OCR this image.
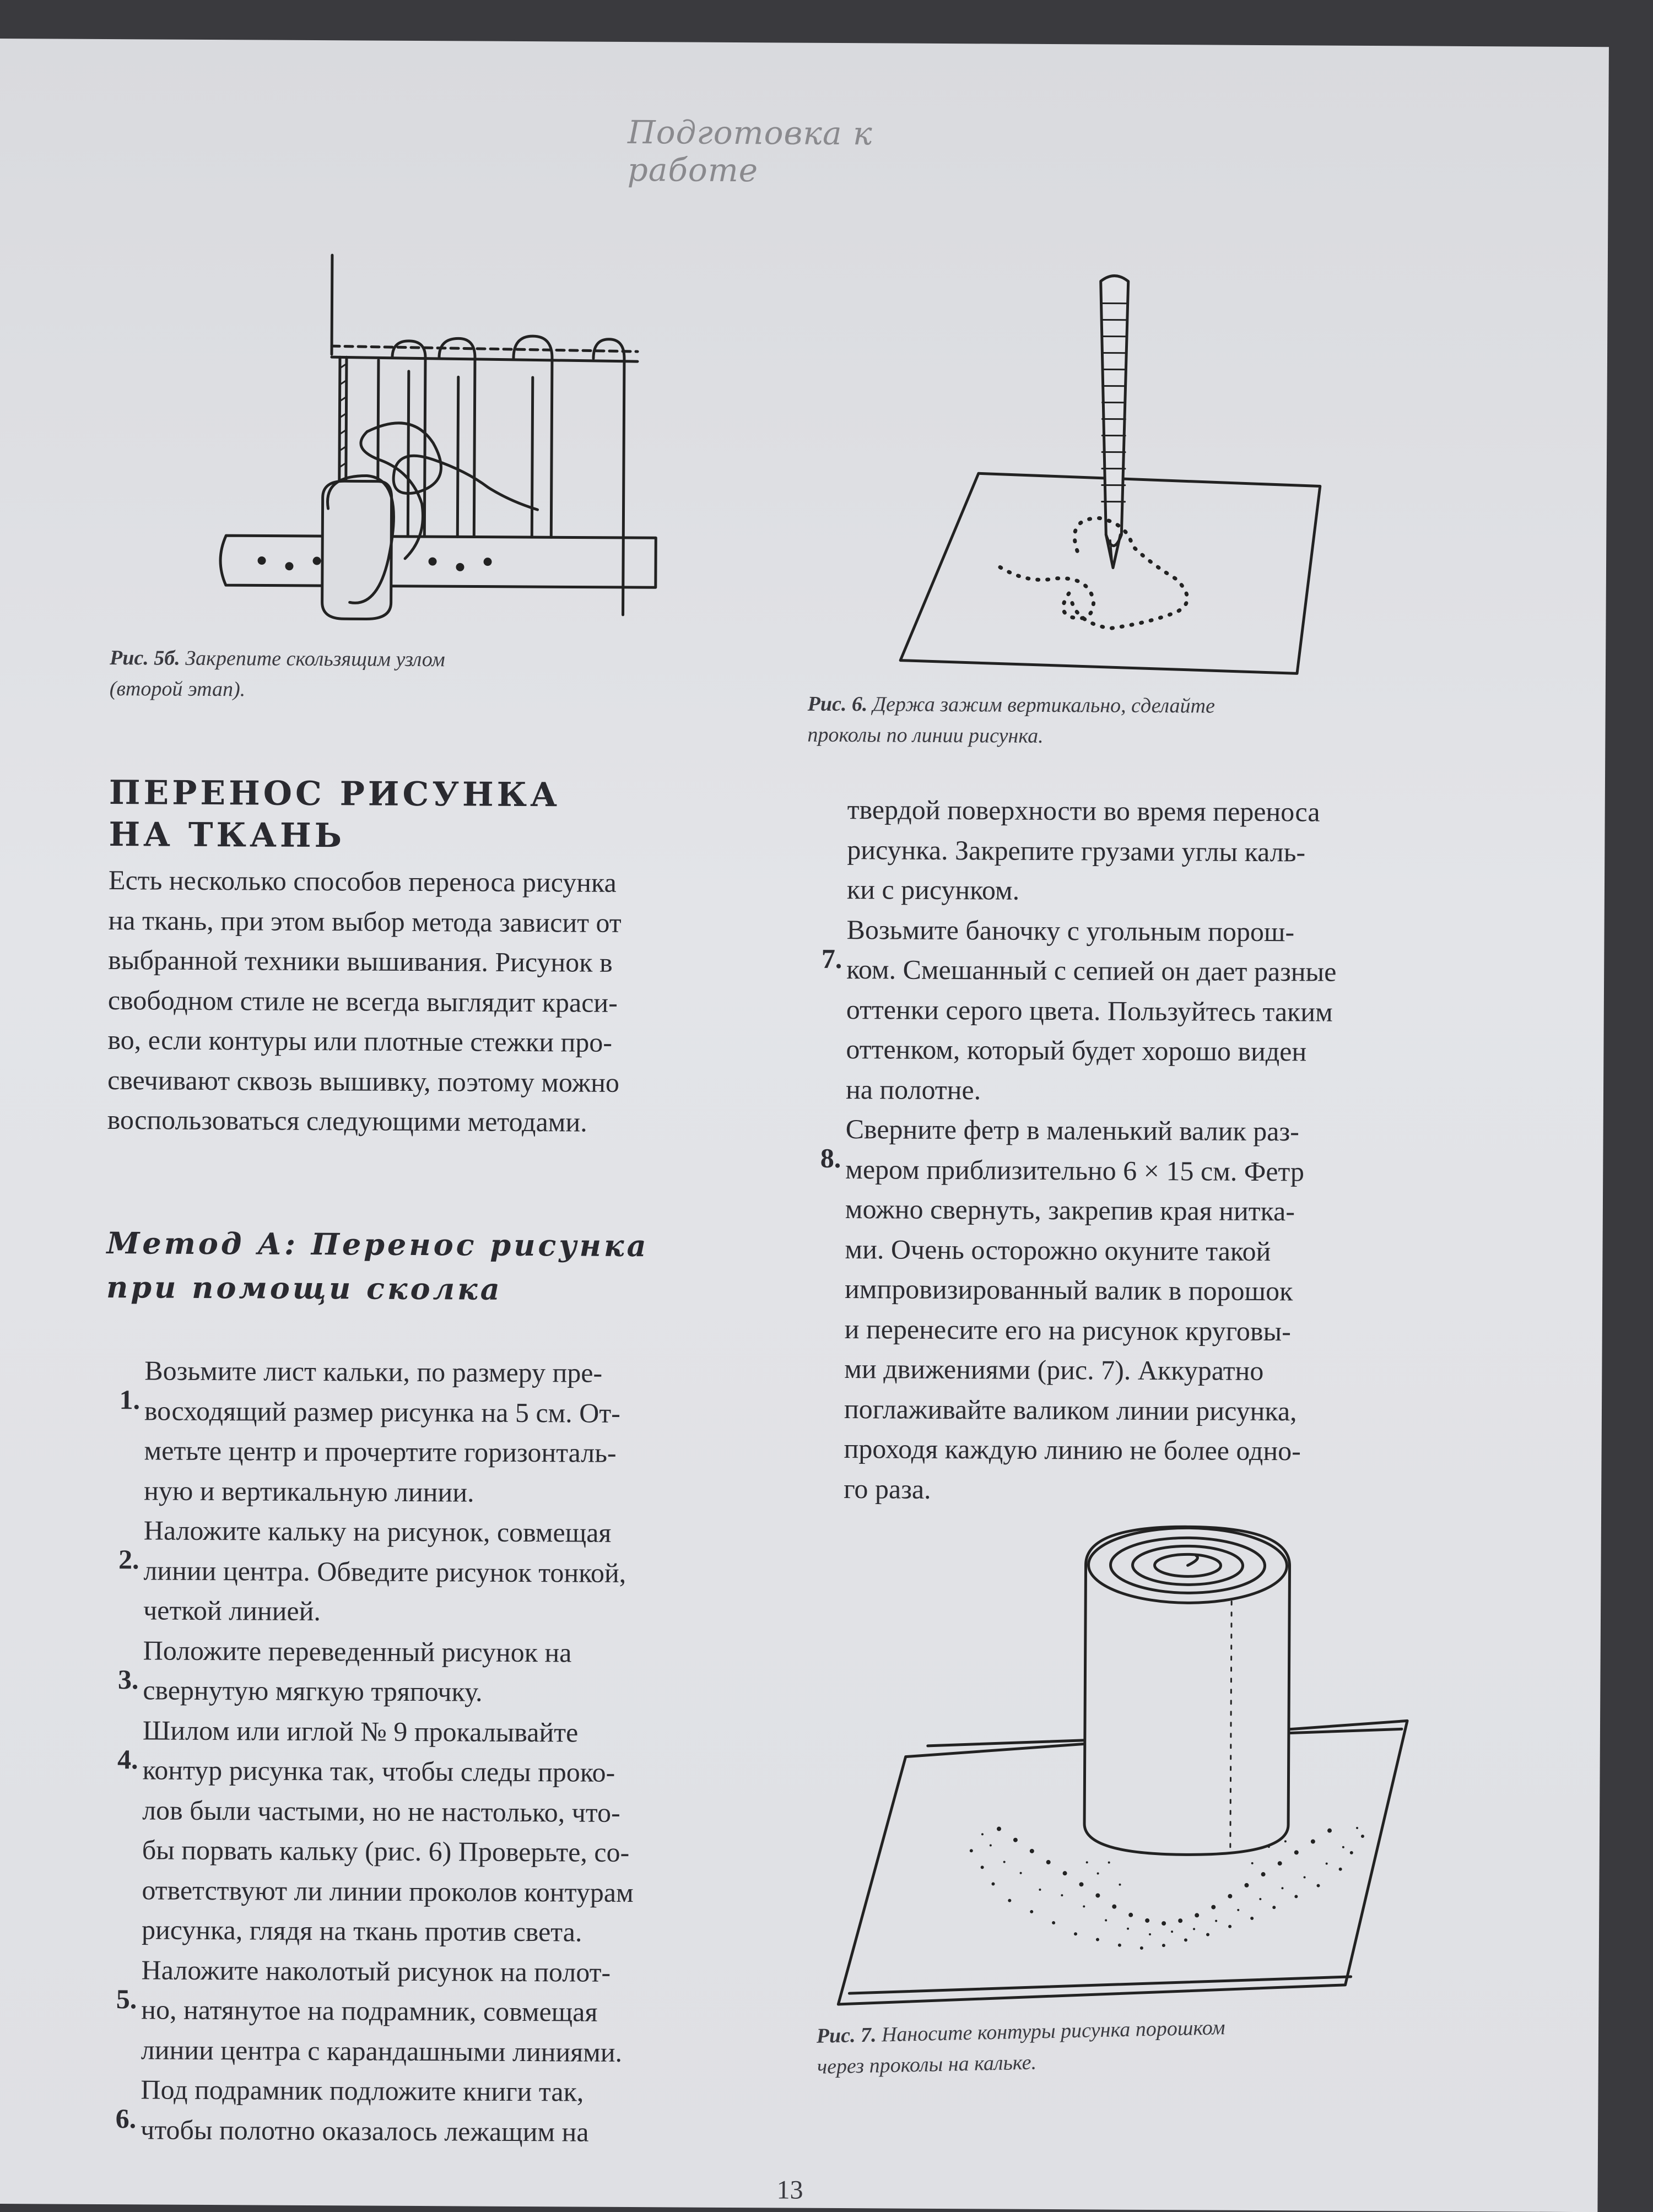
Подготовка к работе
Рис. 5б. Закрепите скользящим узлом
(второй этап).
Рис. 6. Держа зажим вертикально, сделайте
проколы по линии рисунка.
ПЕРЕНОС РИСУНКА
НА ТКАНЬ
Есть несколько способов переноса рисунка
на ткань, при этом выбор метода зависит от
выбранной техники вышивания. Рисунок в
свободном стиле не всегда выглядит краси-
во, если контуры или плотные стежки про-
свечивают сквозь вышивку, поэтому можно
воспользоваться следующими методами.
Метод А: Перенос рисунка
при помощи сколка
1.
Возьмите лист кальки, по размеру пре-
восходящий размер рисунка на 5 см. От-
метьте центр и прочертите горизонталь-
ную и вертикальную линии.
2.
Наложите кальку на рисунок, совмещая
линии центра. Обведите рисунок тонкой,
четкой линией.
3.
Положите переведенный рисунок на
свернутую мягкую тряпочку.
4.
Шилом или иглой № 9 прокалывайте
контур рисунка так, чтобы следы проко-
лов были частыми, но не настолько, что-
бы порвать кальку (рис. 6) Проверьте, со-
ответствуют ли линии проколов контурам
рисунка, глядя на ткань против света.
5.
Наложите наколотый рисунок на полот-
но, натянутое на подрамник, совмещая
линии центра с карандашными линиями.
6.
Под подрамник подложите книги так,
чтобы полотно оказалось лежащим на
твердой поверхности во время переноса
рисунка. Закрепите грузами углы каль-
ки с рисунком.
7.
Возьмите баночку с угольным порош-
ком. Смешанный с сепией он дает разные
оттенки серого цвета. Пользуйтесь таким
оттенком, который будет хорошо виден
на полотне.
8.
Сверните фетр в маленький валик раз-
мером приблизительно 6 × 15 см. Фетр
можно свернуть, закрепив края нитка-
ми. Очень осторожно окуните такой
импровизированный валик в порошок
и перенесите его на рисунок круговы-
ми движениями (рис. 7). Аккуратно
поглаживайте валиком линии рисунка,
проходя каждую линию не более одно-
го раза.
Рис. 7. Наносите контуры рисунка порошком
через проколы на кальке.
13
